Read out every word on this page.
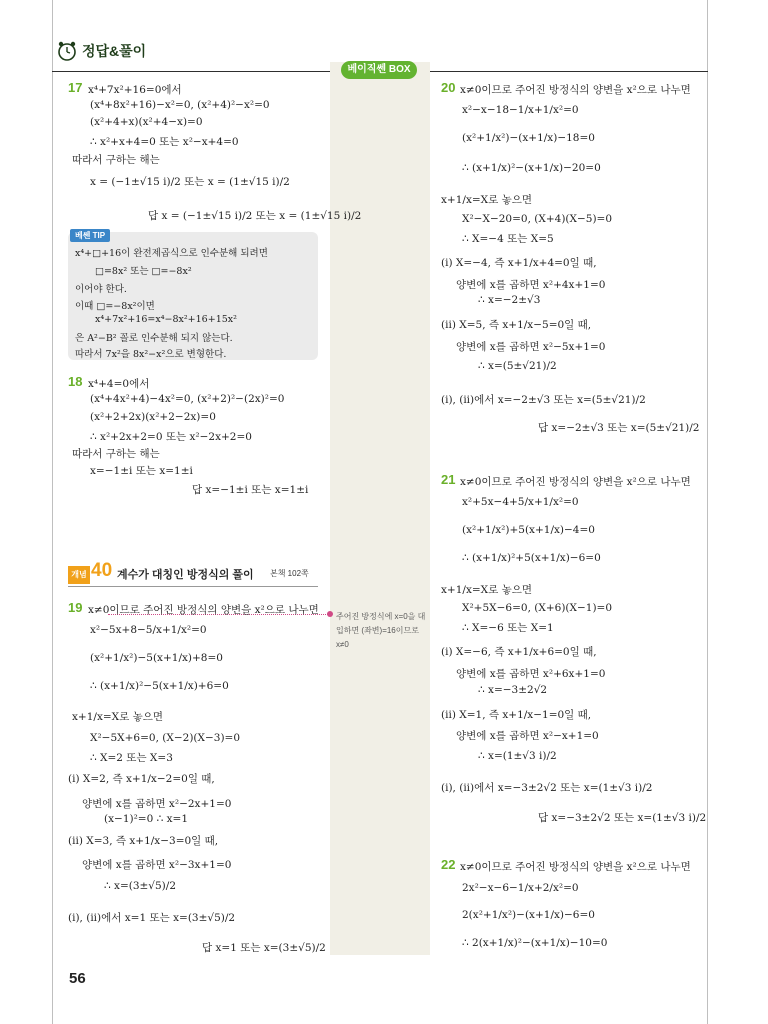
정답&풀이
베이직쎈 BOX
17
18
19
20
21
22
베쎈 TIP
개념 40 계수가 대칭인 방정식의 풀이 본책 102쪽
주어진 방정식에 x=0을 대입하면 (좌변)=16이므로 x≠0
x⁴+7x²+16=0에서
(x⁴+8x²+16)−x²=0, (x²+4)²−x²=0
(x²+4+x)(x²+4−x)=0
∴ x²+x+4=0 또는 x²−x+4=0
따라서 구하는 해는
x = (−1±√15 i)/2 또는 x = (1±√15 i)/2
답 x = (−1±√15 i)/2 또는 x = (1±√15 i)/2
x⁴+□+16이 완전제곱식으로 인수분해 되려면
□=8x² 또는 □=−8x²
이어야 한다.
이때 □=−8x²이면
x⁴+7x²+16=x⁴−8x²+16+15x²
은 A²−B² 꼴로 인수분해 되지 않는다.
따라서 7x²을 8x²−x²으로 변형한다.
x⁴+4=0에서
(x⁴+4x²+4)−4x²=0, (x²+2)²−(2x)²=0
(x²+2+2x)(x²+2−2x)=0
∴ x²+2x+2=0 또는 x²−2x+2=0
따라서 구하는 해는
x=−1±i 또는 x=1±i
답 x=−1±i 또는 x=1±i
x≠0이므로 주어진 방정식의 양변을 x²으로 나누면
x²−5x+8−5/x+1/x²=0
(x²+1/x²)−5(x+1/x)+8=0
∴ (x+1/x)²−5(x+1/x)+6=0
x+1/x=X로 놓으면
X²−5X+6=0, (X−2)(X−3)=0
∴ X=2 또는 X=3
(i) X=2, 즉 x+1/x−2=0일 때,
양변에 x를 곱하면 x²−2x+1=0
(x−1)²=0 ∴ x=1
(ii) X=3, 즉 x+1/x−3=0일 때,
양변에 x를 곱하면 x²−3x+1=0
∴ x=(3±√5)/2
(i), (ii)에서 x=1 또는 x=(3±√5)/2
답 x=1 또는 x=(3±√5)/2
x≠0이므로 주어진 방정식의 양변을 x²으로 나누면
x²−x−18−1/x+1/x²=0
(x²+1/x²)−(x+1/x)−18=0
∴ (x+1/x)²−(x+1/x)−20=0
x+1/x=X로 놓으면
X²−X−20=0, (X+4)(X−5)=0
∴ X=−4 또는 X=5
(i) X=−4, 즉 x+1/x+4=0일 때,
양변에 x를 곱하면 x²+4x+1=0
∴ x=−2±√3
(ii) X=5, 즉 x+1/x−5=0일 때,
양변에 x를 곱하면 x²−5x+1=0
∴ x=(5±√21)/2
(i), (ii)에서 x=−2±√3 또는 x=(5±√21)/2
답 x=−2±√3 또는 x=(5±√21)/2
x≠0이므로 주어진 방정식의 양변을 x²으로 나누면
x²+5x−4+5/x+1/x²=0
(x²+1/x²)+5(x+1/x)−4=0
∴ (x+1/x)²+5(x+1/x)−6=0
x+1/x=X로 놓으면
X²+5X−6=0, (X+6)(X−1)=0
∴ X=−6 또는 X=1
(i) X=−6, 즉 x+1/x+6=0일 때,
양변에 x를 곱하면 x²+6x+1=0
∴ x=−3±2√2
(ii) X=1, 즉 x+1/x−1=0일 때,
양변에 x를 곱하면 x²−x+1=0
∴ x=(1±√3 i)/2
(i), (ii)에서 x=−3±2√2 또는 x=(1±√3 i)/2
답 x=−3±2√2 또는 x=(1±√3 i)/2
x≠0이므로 주어진 방정식의 양변을 x²으로 나누면
2x²−x−6−1/x+2/x²=0
2(x²+1/x²)−(x+1/x)−6=0
∴ 2(x+1/x)²−(x+1/x)−10=0
56
